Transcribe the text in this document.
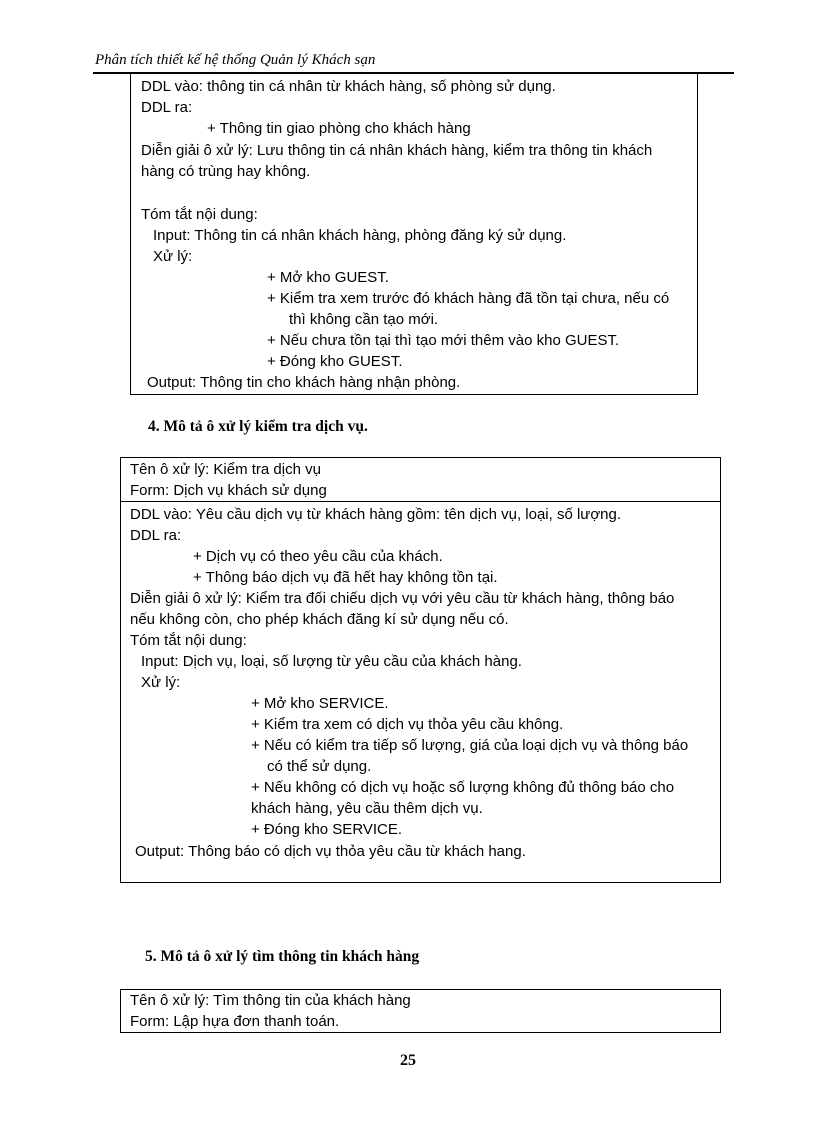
Phân tích thiết kế hệ thống Quản lý Khách sạn
DDL vào: thông tin cá nhân từ khách hàng, số phòng sử dụng.
DDL ra:
+ Thông tin giao phòng cho khách hàng
Diễn giải ô xử lý: Lưu thông tin cá nhân khách hàng, kiểm tra thông tin khách
hàng có trùng hay không.
Tóm tắt nội dung:
Input: Thông tin cá nhân khách hàng, phòng đăng ký sử dụng.
Xử lý:
+ Mở kho GUEST.
+ Kiểm tra xem trước đó khách hàng đã tồn tại chưa, nếu có
thì không cần tạo mới.
+ Nếu chưa tồn tại thì tạo mới thêm vào kho GUEST.
+ Đóng kho GUEST.
Output: Thông tin cho khách hàng nhận phòng.
4. Mô tả ô xử lý kiểm tra dịch vụ.
Tên ô xử lý: Kiểm tra dịch vụ
Form: Dịch vụ khách sử dụng
DDL vào: Yêu cầu dịch vụ từ khách hàng gồm: tên dịch vụ, loại, số lượng.
DDL ra:
+ Dịch vụ có theo yêu cầu của khách.
+ Thông báo dịch vụ đã hết hay không tồn tại.
Diễn giải ô xử lý: Kiểm tra đối chiếu dịch vụ với yêu cầu từ khách hàng, thông báo
nếu không còn, cho phép khách đăng kí sử dụng nếu có.
Tóm tắt nội dung:
Input: Dịch vụ, loại, số lượng từ yêu cầu của khách hàng.
Xử lý:
+ Mở kho SERVICE.
+ Kiểm tra xem có dịch vụ thỏa yêu cầu không.
+ Nếu có kiểm tra tiếp số lượng, giá của loại dịch vụ và thông báo
có thể sử dụng.
+ Nếu không có dịch vụ hoặc số lượng không đủ thông báo cho
khách hàng, yêu cầu thêm dịch vụ.
+ Đóng kho SERVICE.
Output: Thông báo có dịch vụ thỏa yêu cầu từ khách hang.
5. Mô tả ô xử lý tìm thông tin khách hàng
Tên ô xử lý: Tìm thông tin của khách hàng
Form: Lập hựa đơn thanh toán.
25
